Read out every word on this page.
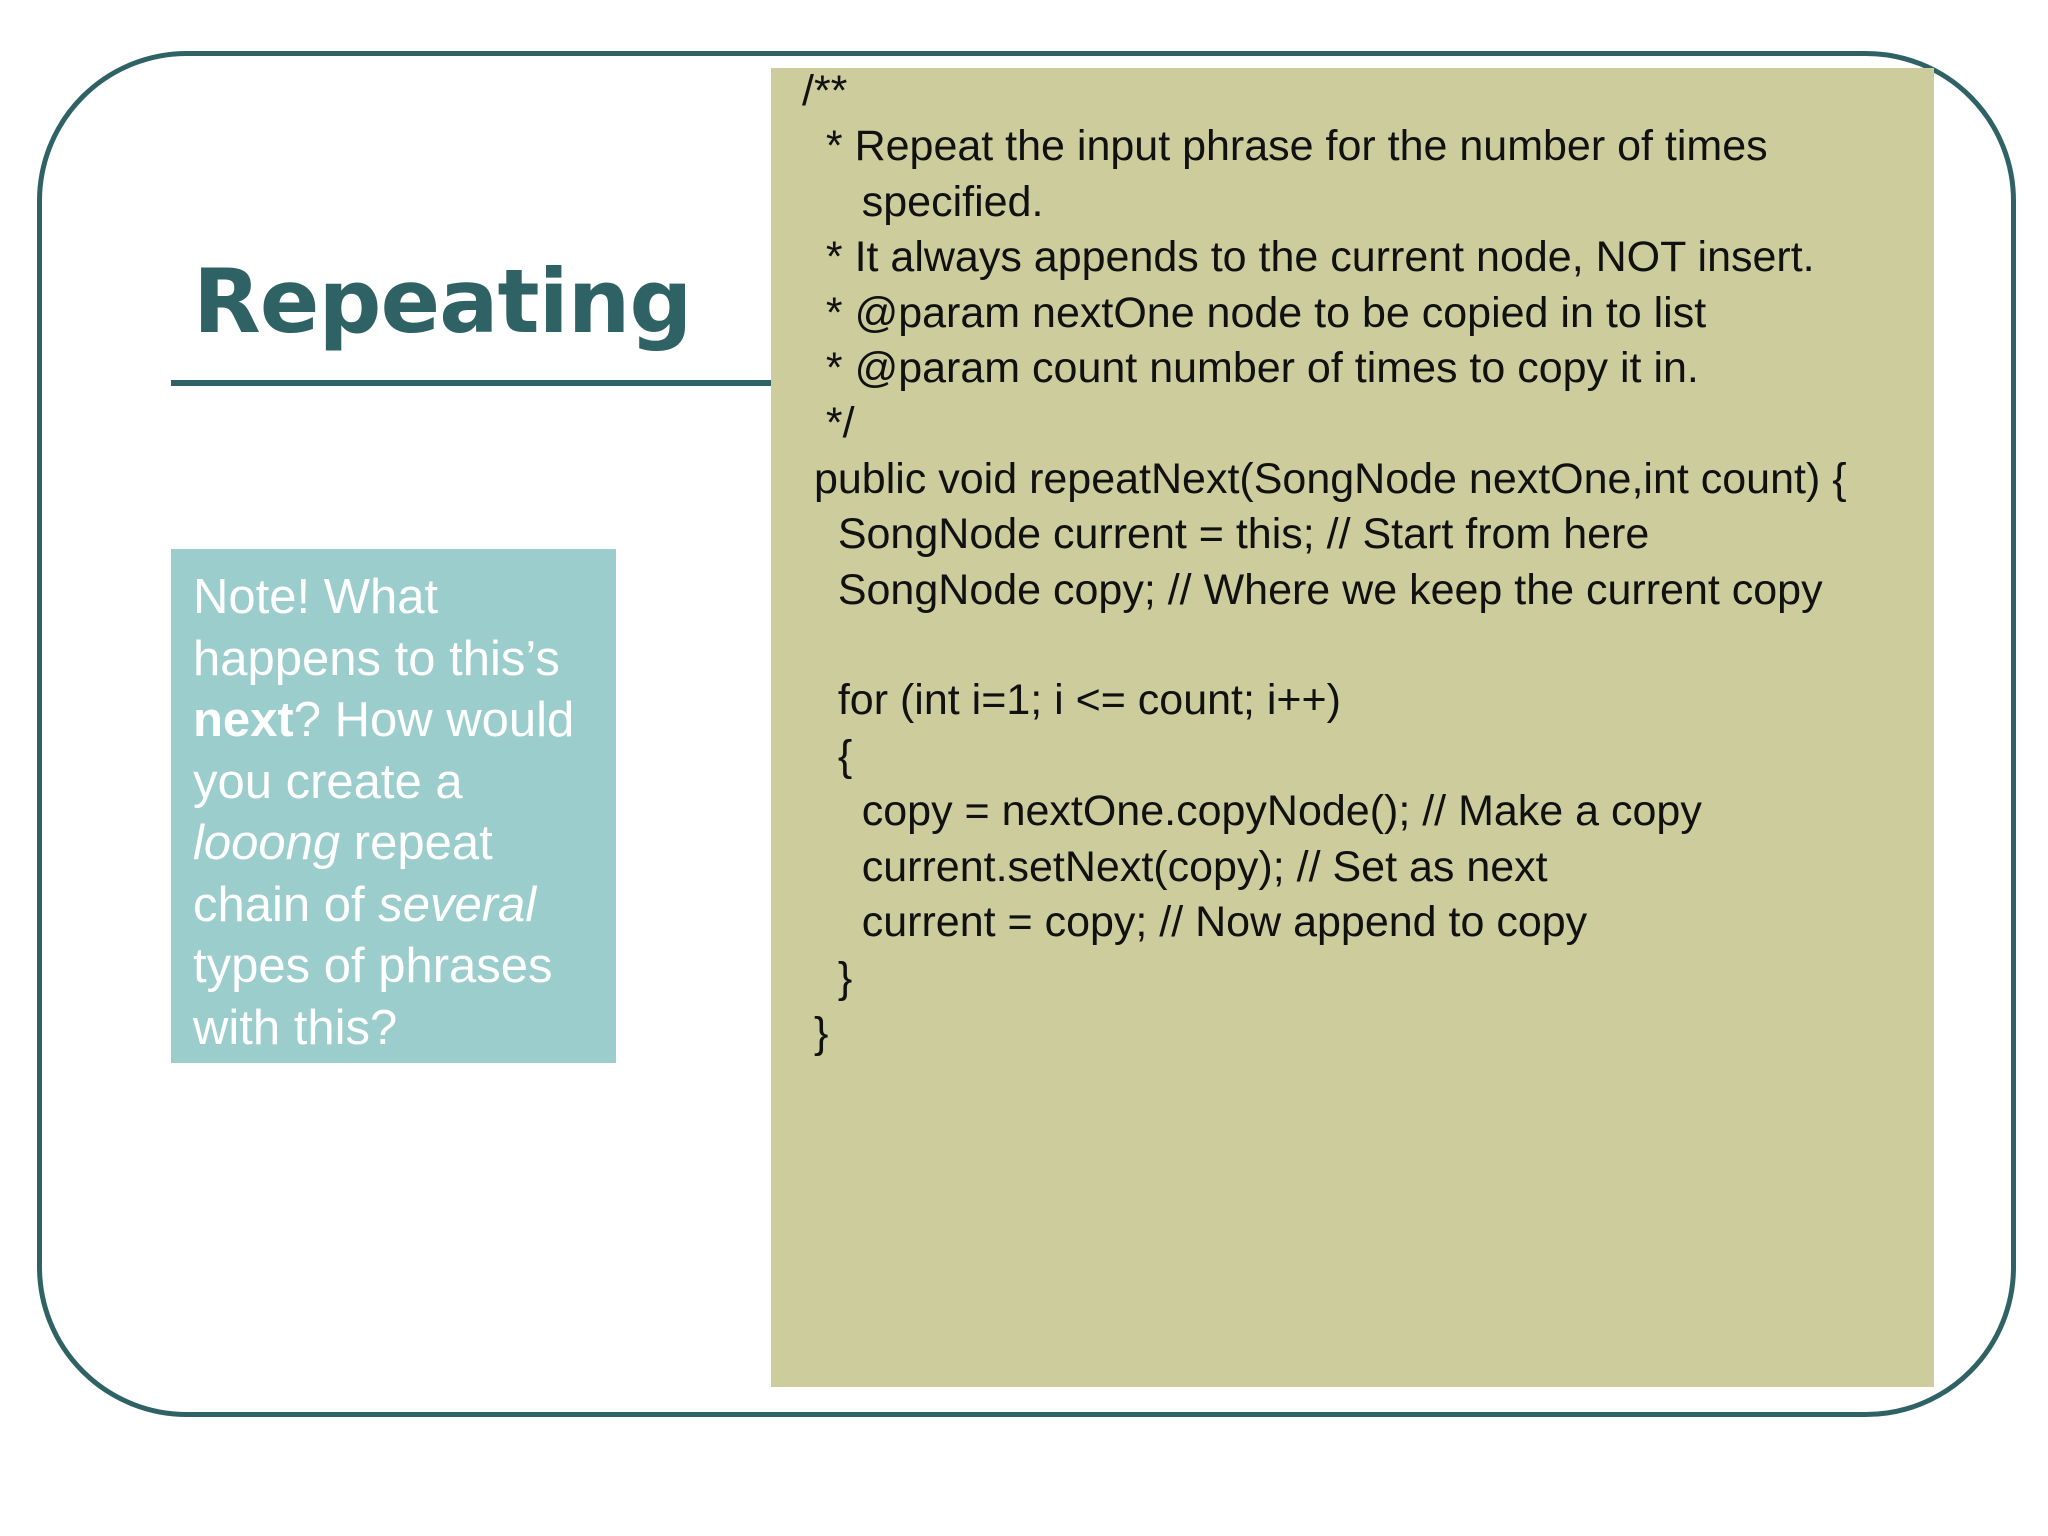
Repeating
Note! What happens to this’s next? How would you create a looong repeat chain of several types of phrases with this?
/**
* Repeat the input phrase for the number of times
specified.
* It always appends to the current node, NOT insert.
* @param nextOne node to be copied in to list
* @param count number of times to copy it in.
*/
public void repeatNext(SongNode nextOne,int count) {
SongNode current = this; // Start from here
SongNode copy; // Where we keep the current copy

for (int i=1; i <= count; i++)
{
copy = nextOne.copyNode(); // Make a copy
current.setNext(copy); // Set as next
current = copy; // Now append to copy
}
}
